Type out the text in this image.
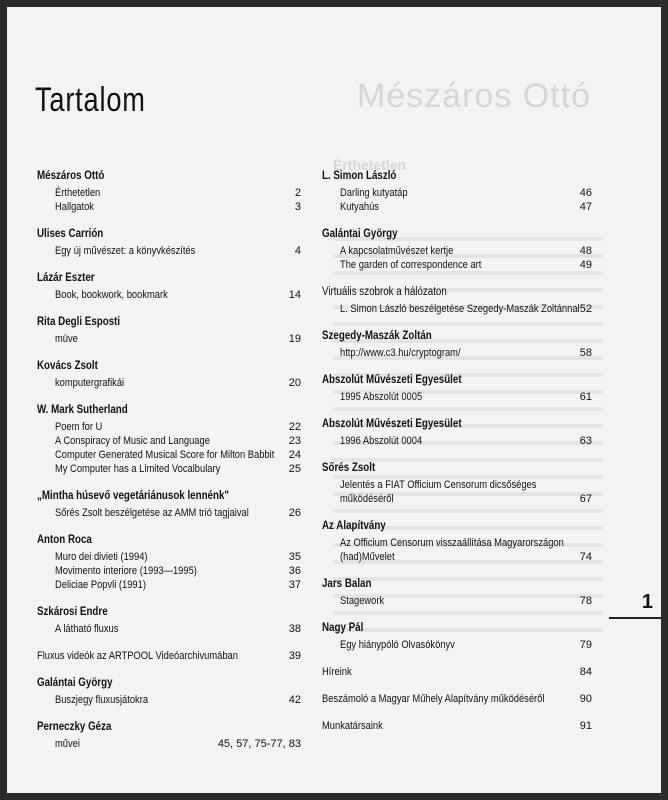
Mészáros Ottó
Érthetetlen
Tartalom
Mészáros Ottó
Érthetetlen	2
Hallgatok	3
Ulises Carrión
Egy új művészet: a könyvkészítés	4
Lázár Eszter
Book, bookwork, bookmark	14
Rita Degli Esposti
müve	19
Kovács Zsolt
komputergrafikái	20
W. Mark Sutherland
Poem for U	22
A Conspiracy of Music and Language	23
Computer Generated Musical Score for Milton Babbit 24
My Computer has a Limited Vocalbulary	25
„Mintha húsevő vegetáriánusok lennénk"
Sőrés Zsolt beszélgetése az AMM trió tagjaival	26
Anton Roca
Muro dei divieti (1994)	35
Movimento interiore (1993—1995)	36
Deliciae Popvli (1991)	37
Szkárosi Endre
A látható fluxus	38
Fluxus videók az ARTPOOL Videóarchivumában	39
Galántai György
Buszjegy fluxusjátokra	42
Perneczky Géza
művei	45, 57, 75-77, 83
L. Simon László
Darling kutyatáp	46
Kutyahús	47
Galántai György
A kapcsolatművészet kertje	48
The garden of correspondence art	49
Virtuális szobrok a hálózaton
L. Simon László beszélgetése Szegedy-Maszák Zoltánnal 52
Szegedy-Maszák Zoltán
http://www.c3.hu/cryptogram/	58
Abszolút Művészeti Egyesület
1995 Abszolút 0005	61
Abszolút Művészeti Egyesület
1996 Abszolút 0004	63
Sőrés Zsolt
Jelentés a FIAT Officium Censorum dicsőséges
működéséről	67
Az Alapítvány
Az Officium Censorum visszaállítása Magyarországon
(had)Művelet	74
Jars Balan
Stagework	78
Nagy Pál
Egy hiánypóló Olvasókönyv	79
Híreink	84
Beszámoló a Magyar Műhely Alapítvány működéséről	90
Munkatársaink	91
1
